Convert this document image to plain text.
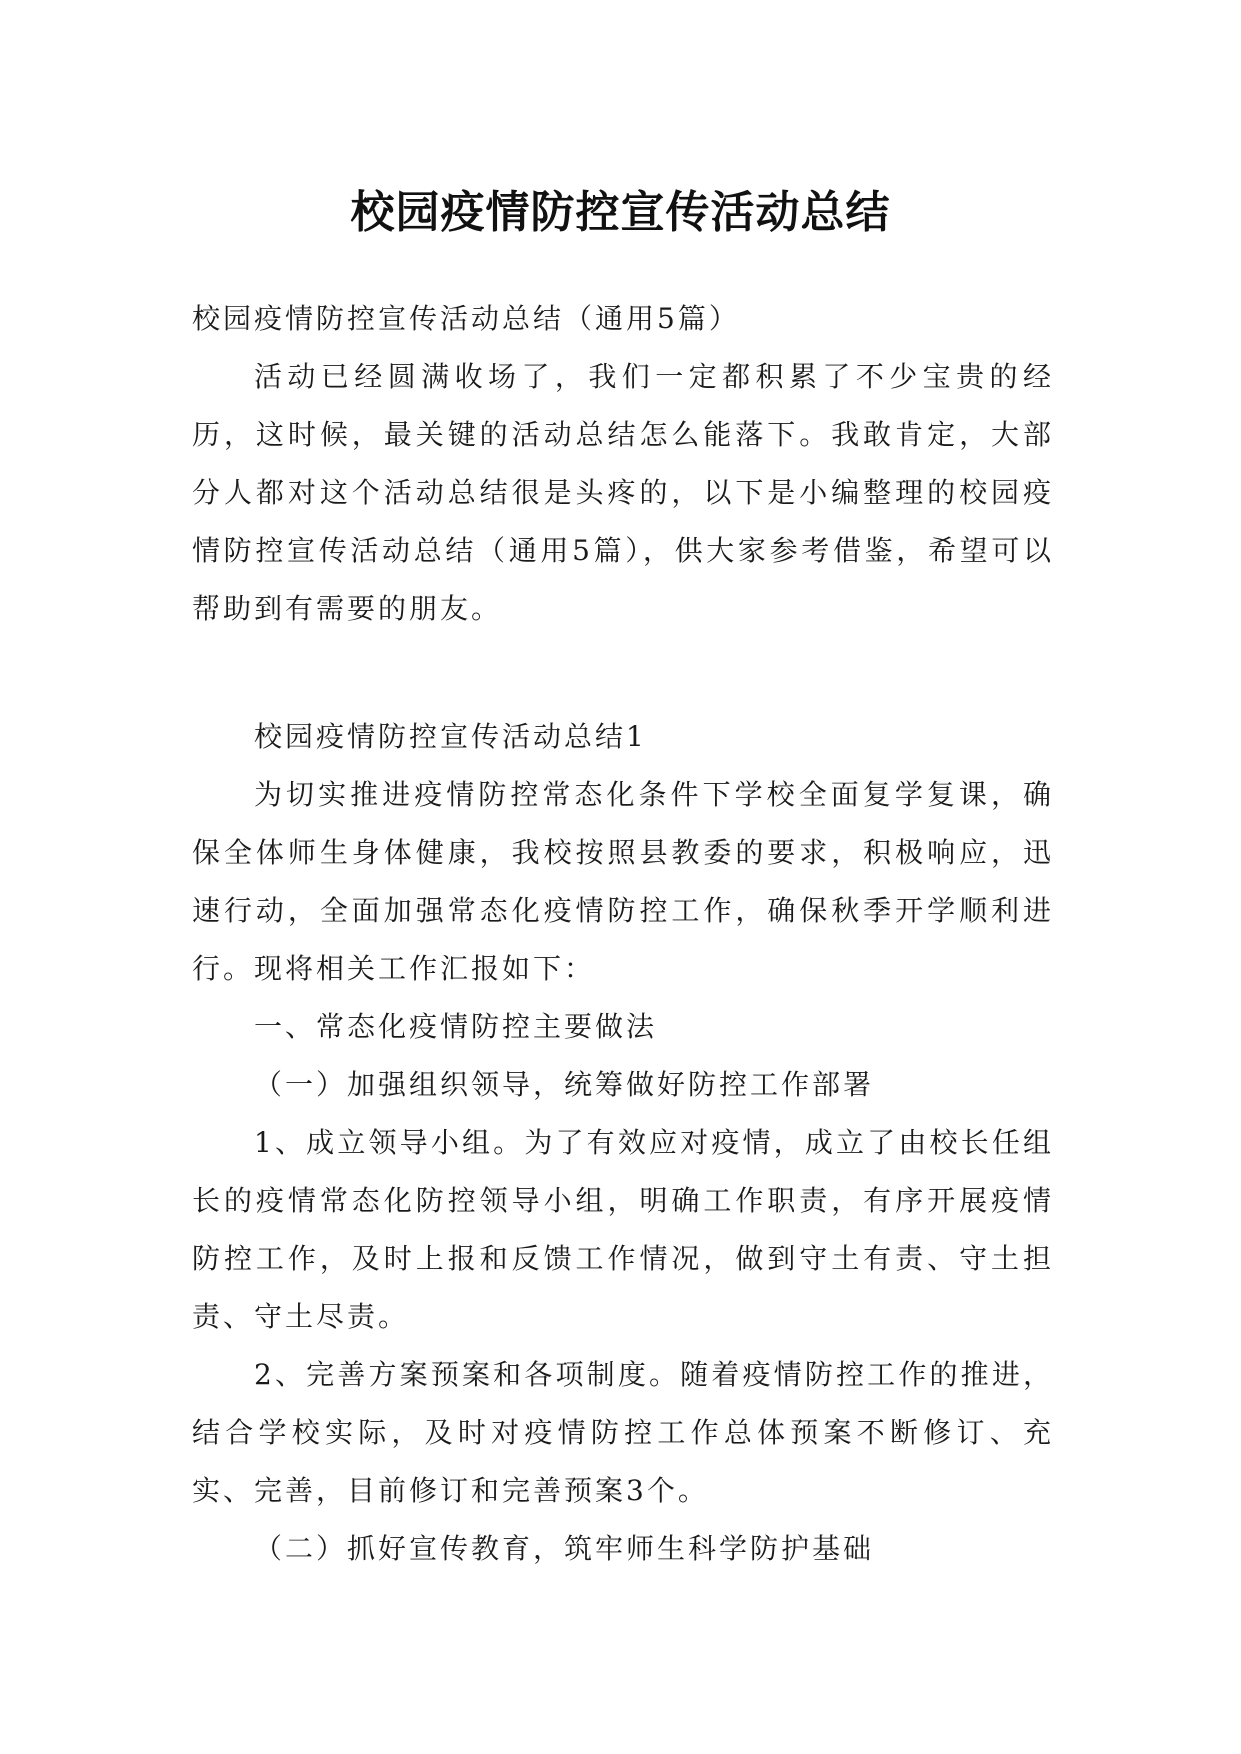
校园疫情防控宣传活动总结

校园疫情防控宣传活动总结（通用5篇）

活动已经圆满收场了，我们一定都积累了不少宝贵的经历，这时候，最关键的活动总结怎么能落下。我敢肯定，大部分人都对这个活动总结很是头疼的，以下是小编整理的校园疫情防控宣传活动总结（通用5篇），供大家参考借鉴，希望可以帮助到有需要的朋友。

校园疫情防控宣传活动总结1

为切实推进疫情防控常态化条件下学校全面复学复课，确保全体师生身体健康，我校按照县教委的要求，积极响应，迅速行动，全面加强常态化疫情防控工作，确保秋季开学顺利进行。现将相关工作汇报如下：

一、常态化疫情防控主要做法

（一）加强组织领导，统筹做好防控工作部署

1、成立领导小组。为了有效应对疫情，成立了由校长任组长的疫情常态化防控领导小组，明确工作职责，有序开展疫情防控工作，及时上报和反馈工作情况，做到守土有责、守土担责、守土尽责。

2、完善方案预案和各项制度。随着疫情防控工作的推进，结合学校实际，及时对疫情防控工作总体预案不断修订、充实、完善，目前修订和完善预案3个。

（二）抓好宣传教育，筑牢师生科学防护基础
